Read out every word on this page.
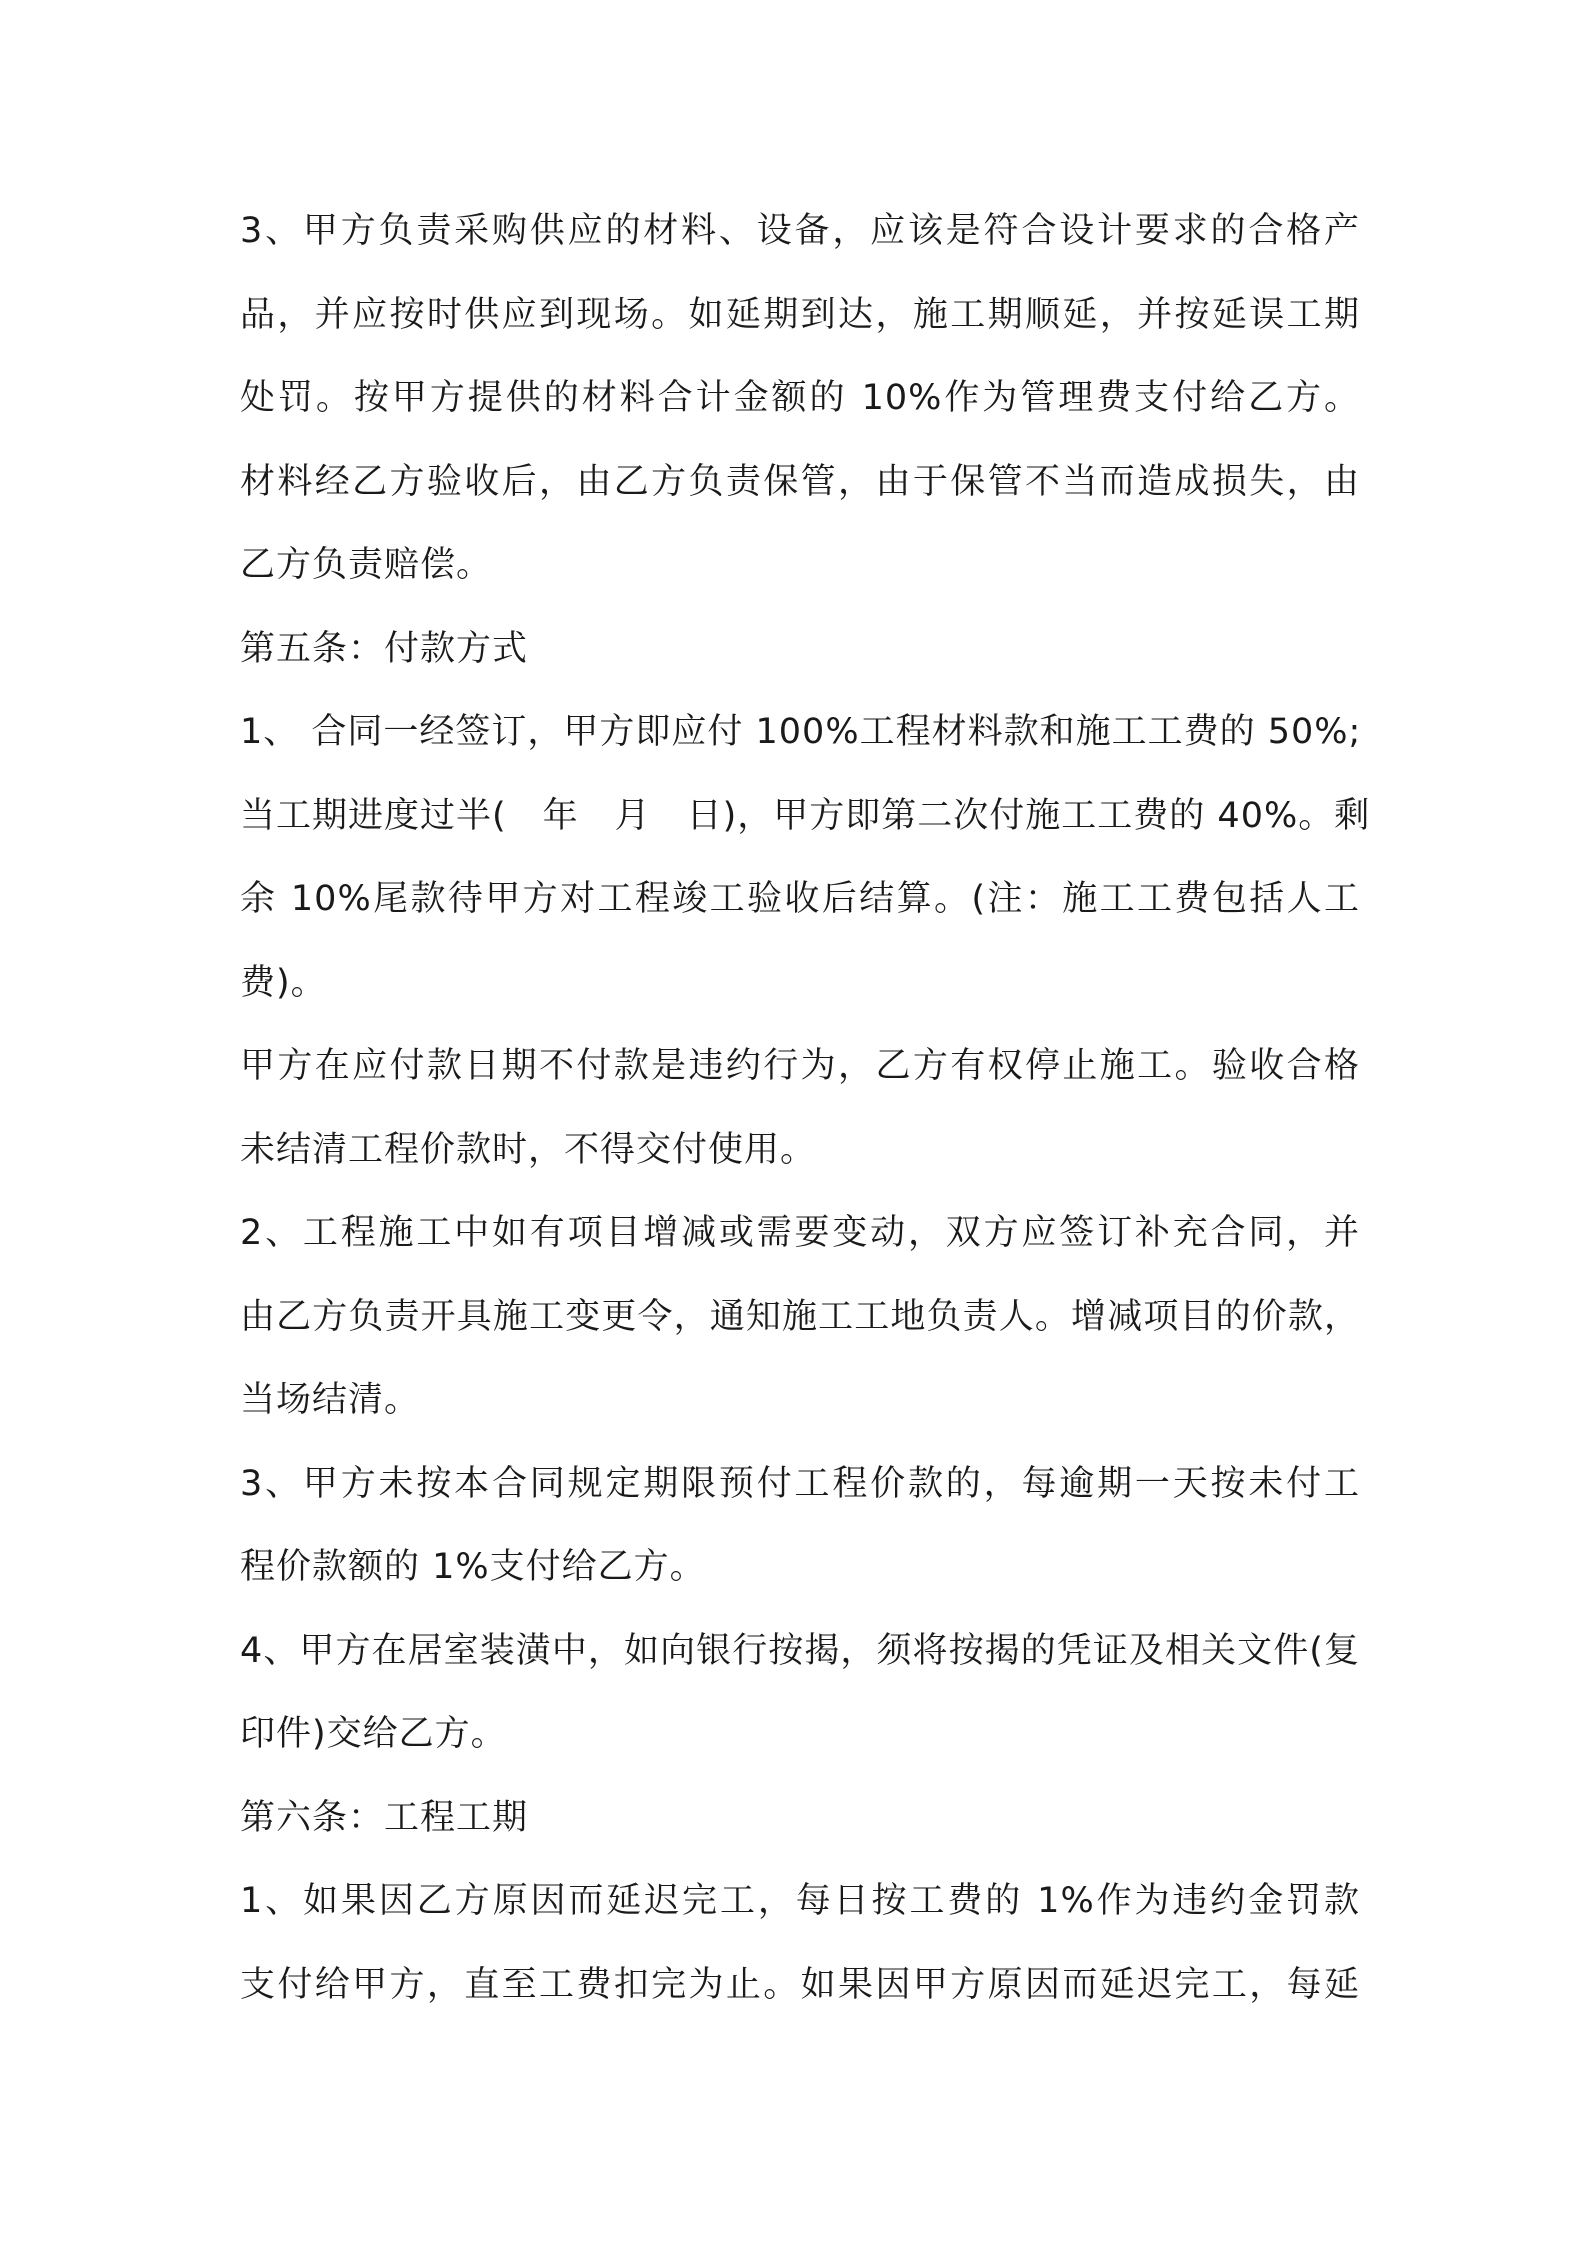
3、甲方负责采购供应的材料、设备，应该是符合设计要求的合格产
品，并应按时供应到现场。如延期到达，施工期顺延，并按延误工期
处罚。按甲方提供的材料合计金额的 10%作为管理费支付给乙方。
材料经乙方验收后，由乙方负责保管，由于保管不当而造成损失，由
乙方负责赔偿。
第五条：付款方式
1、 合同一经签订，甲方即应付 100%工程材料款和施工工费的 50%;
当工期进度过半(　年　月　日)，甲方即第二次付施工工费的 40%。剩
余 10%尾款待甲方对工程竣工验收后结算。(注：施工工费包括人工
费)。
甲方在应付款日期不付款是违约行为，乙方有权停止施工。验收合格
未结清工程价款时，不得交付使用。
2、工程施工中如有项目增减或需要变动，双方应签订补充合同，并
由乙方负责开具施工变更令，通知施工工地负责人。增减项目的价款，
当场结清。
3、甲方未按本合同规定期限预付工程价款的，每逾期一天按未付工
程价款额的 1%支付给乙方。
4、甲方在居室装潢中，如向银行按揭，须将按揭的凭证及相关文件(复
印件)交给乙方。
第六条：工程工期
1、如果因乙方原因而延迟完工，每日按工费的 1%作为违约金罚款
支付给甲方，直至工费扣完为止。如果因甲方原因而延迟完工，每延
